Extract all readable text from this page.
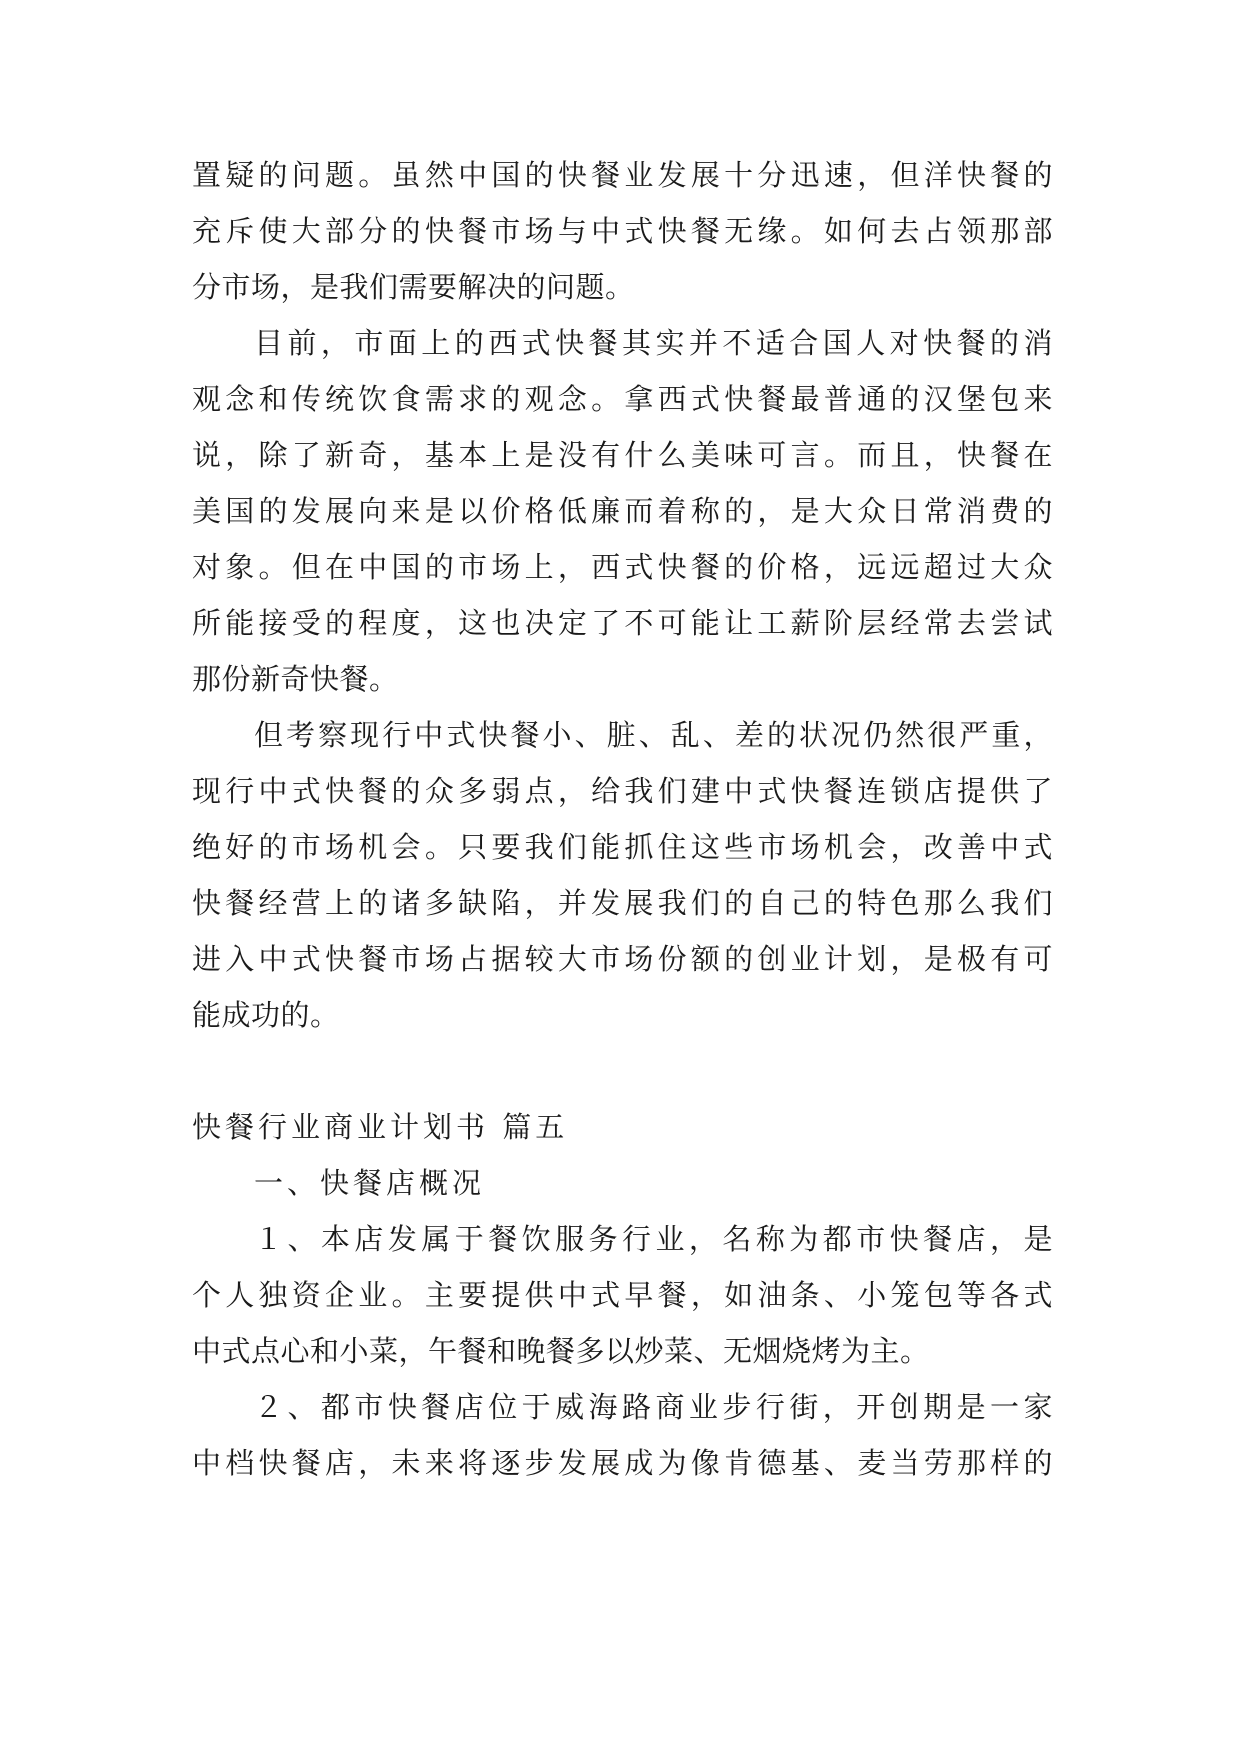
置疑的问题。虽然中国的快餐业发展十分迅速，但洋快餐的
充斥使大部分的快餐市场与中式快餐无缘。如何去占领那部
分市场，是我们需要解决的问题。
目前，市面上的西式快餐其实并不适合国人对快餐的消
观念和传统饮食需求的观念。拿西式快餐最普通的汉堡包来
说，除了新奇，基本上是没有什么美味可言。而且，快餐在
美国的发展向来是以价格低廉而着称的，是大众日常消费的
对象。但在中国的市场上，西式快餐的价格，远远超过大众
所能接受的程度，这也决定了不可能让工薪阶层经常去尝试
那份新奇快餐。
但考察现行中式快餐小、脏、乱、差的状况仍然很严重，
现行中式快餐的众多弱点，给我们建中式快餐连锁店提供了
绝好的市场机会。只要我们能抓住这些市场机会，改善中式
快餐经营上的诸多缺陷，并发展我们的自己的特色那么我们
进入中式快餐市场占据较大市场份额的创业计划，是极有可
能成功的。
快餐行业商业计划书 篇五
一、快餐店概况
１、本店发属于餐饮服务行业，名称为都市快餐店，是
个人独资企业。主要提供中式早餐，如油条、小笼包等各式
中式点心和小菜，午餐和晚餐多以炒菜、无烟烧烤为主。
２、都市快餐店位于威海路商业步行街，开创期是一家
中档快餐店，未来将逐步发展成为像肯德基、麦当劳那样的
